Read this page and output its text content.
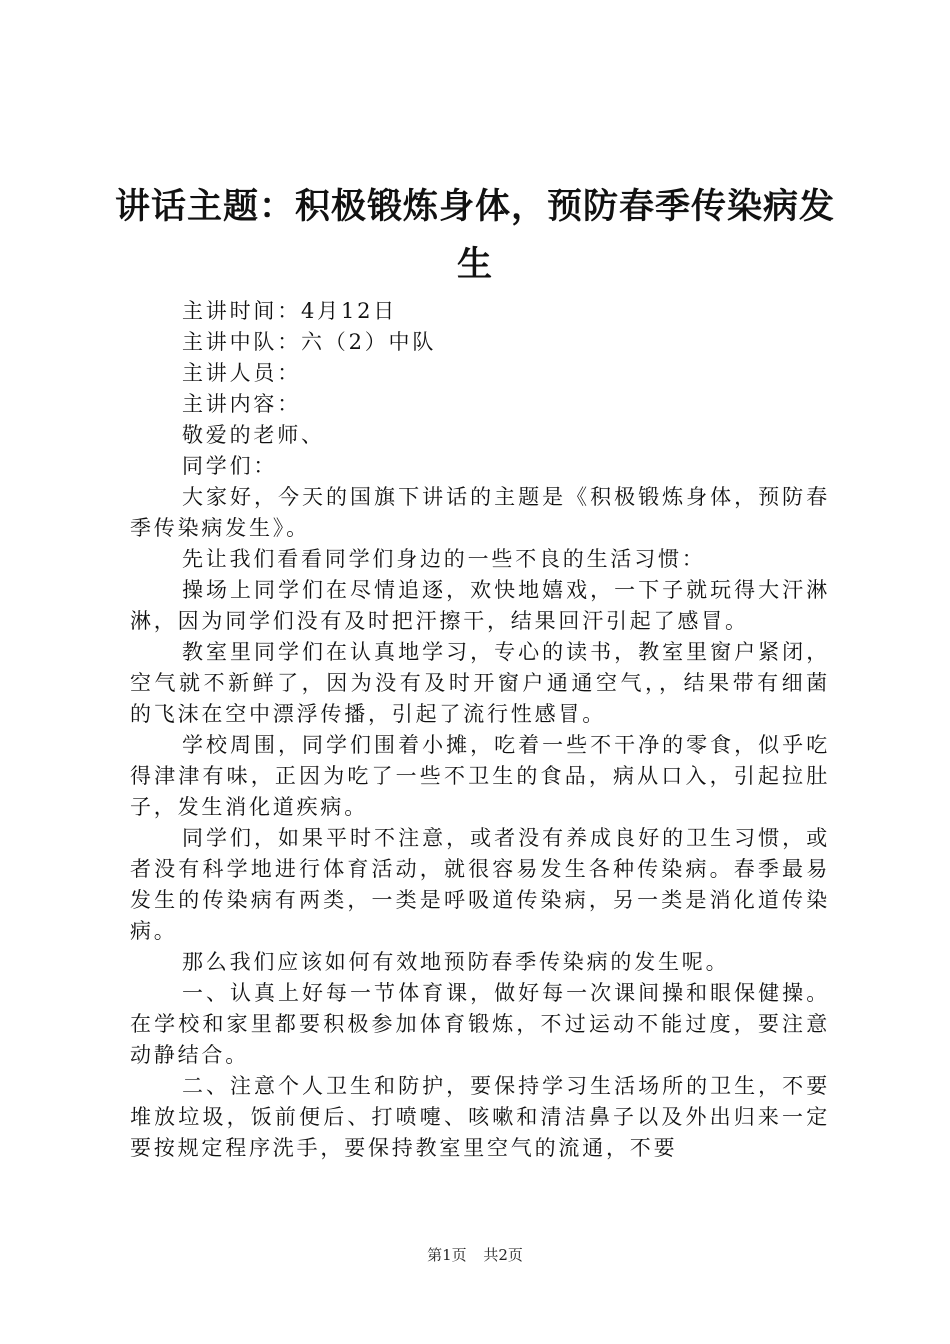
讲话主题：积极锻炼身体，预防春季传染病发生
主讲时间：4月12日
主讲中队：六（2）中队
主讲人员：
主讲内容：
敬爱的老师、
同学们：

大家好，今天的国旗下讲话的主题是《积极锻炼身体，预防春季传染病发生》。

先让我们看看同学们身边的一些不良的生活习惯：

操场上同学们在尽情追逐，欢快地嬉戏，一下子就玩得大汗淋淋，因为同学们没有及时把汗擦干，结果回汗引起了感冒。

教室里同学们在认真地学习，专心的读书，教室里窗户紧闭，空气就不新鲜了，因为没有及时开窗户通通空气，，结果带有细菌的飞沫在空中漂浮传播，引起了流行性感冒。

学校周围，同学们围着小摊，吃着一些不干净的零食，似乎吃得津津有味，正因为吃了一些不卫生的食品，病从口入，引起拉肚子，发生消化道疾病。

同学们，如果平时不注意，或者没有养成良好的卫生习惯，或者没有科学地进行体育活动，就很容易发生各种传染病。春季最易发生的传染病有两类，一类是呼吸道传染病，另一类是消化道传染病。

那么我们应该如何有效地预防春季传染病的发生呢。

一、认真上好每一节体育课，做好每一次课间操和眼保健操。在学校和家里都要积极参加体育锻炼，不过运动不能过度，要注意动静结合。

二、注意个人卫生和防护，要保持学习生活场所的卫生，不要堆放垃圾，饭前便后、打喷嚏、咳嗽和清洁鼻子以及外出归来一定要按规定程序洗手，要保持教室里空气的流通，不要

第1页 共2页
